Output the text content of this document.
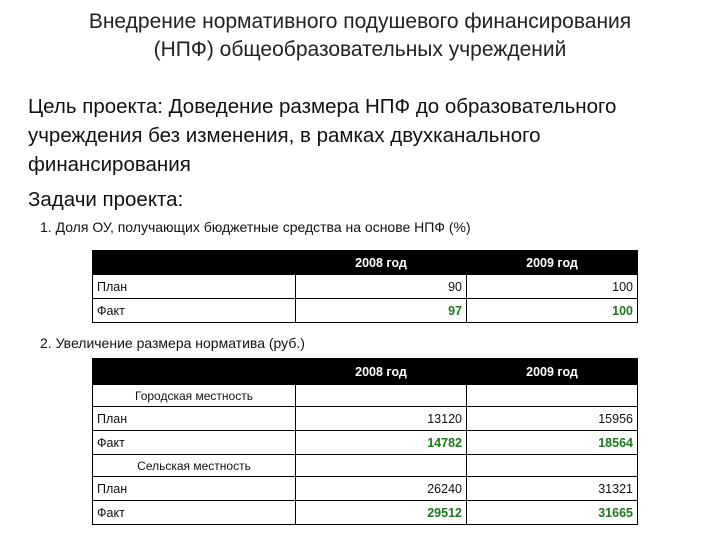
Внедрение нормативного подушевого финансирования
(НПФ) общеобразовательных учреждений
Цель проекта: Доведение размера НПФ до образовательного учреждения без изменения, в рамках двухканального финансирования
Задачи проекта:
1. Доля ОУ, получающих бюджетные средства на основе НПФ (%)
	2008 год	2009 год
План	90	100
Факт	97	100
2. Увеличение размера норматива (руб.)
	2008 год	2009 год
Городская местность		
План	13120	15956
Факт	14782	18564
Сельская местность		
План	26240	31321
Факт	29512	31665
